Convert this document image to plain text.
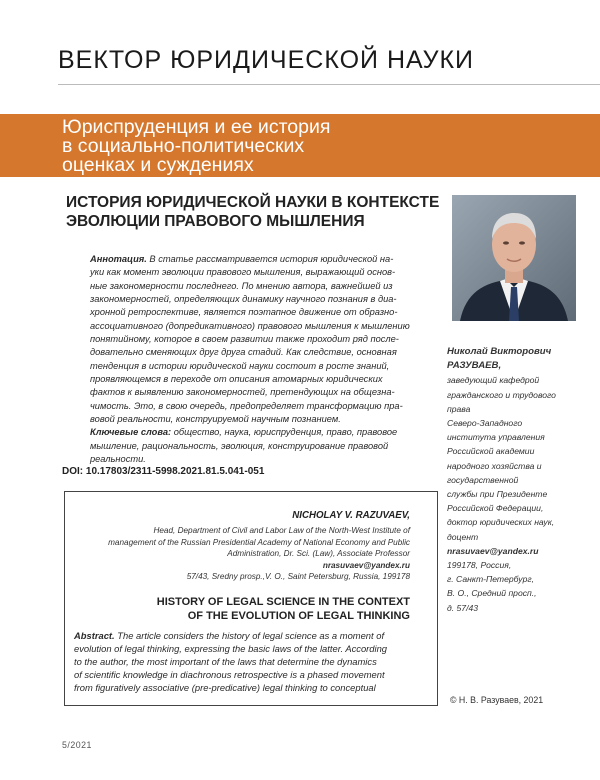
ВЕКТОР ЮРИДИЧЕСКОЙ НАУКИ
Юриспруденция и ее история
в социально-политических
оценках и суждениях
ИСТОРИЯ ЮРИДИЧЕСКОЙ НАУКИ В КОНТЕКСТЕ
ЭВОЛЮЦИИ ПРАВОВОГО МЫШЛЕНИЯ
Аннотация. В статье рассматривается история юридической на-
уки как момент эволюции правового мышления, выражающий основ-
ные закономерности последнего. По мнению автора, важнейшей из
закономерностей, определяющих динамику научного познания в диа-
хронной ретроспективе, является поэтапное движение от образно-
ассоциативного (допредикативного) правового мышления к мышлению
понятийному, которое в своем развитии также проходит ряд после-
довательно сменяющих друг друга стадий. Как следствие, основная
тенденция в истории юридической науки состоит в росте знаний,
проявляющемся в переходе от описания атомарных юридических
фактов к выявлению закономерностей, претендующих на общезна-
чимость. Это, в свою очередь, предопределяет трансформацию пра-
вовой реальности, конструируемой научным познанием.
Ключевые слова: общество, наука, юриспруденция, право, правовое
мышление, рациональность, эволюция, конструирование правовой
реальности.
DOI: 10.17803/2311-5998.2021.81.5.041-051
Николай Викторович
РАЗУВАЕВ,
заведующий кафедрой
гражданского и трудового
права
Северо-Западного
института управления
Российской академии
народного хозяйства и
государственной
службы при Президенте
Российской Федерации,
доктор юридических наук,
доцент
nrasuvaev@yandex.ru
199178, Россия,
г. Санкт-Петербург,
В. О., Средний просп.,
д. 57/43
NICHOLAY V. RAZUVAEV,
Head, Department of Civil and Labor Law of the North-West Institute of
management of the Russian Presidential Academy of National Economy and Public
Administration, Dr. Sci. (Law), Associate Professor
nrasuvaev@yandex.ru
57/43, Sredny prosp.,V. O., Saint Petersburg, Russia, 199178
HISTORY OF LEGAL SCIENCE IN THE CONTEXT
OF THE EVOLUTION OF LEGAL THINKING
Abstract. The article considers the history of legal science as a moment of
evolution of legal thinking, expressing the basic laws of the latter. According
to the author, the most important of the laws that determine the dynamics
of scientific knowledge in diachronous retrospective is a phased movement
from figuratively associative (pre-predicative) legal thinking to conceptual
© Н. В. Разуваев, 2021
5/2021
